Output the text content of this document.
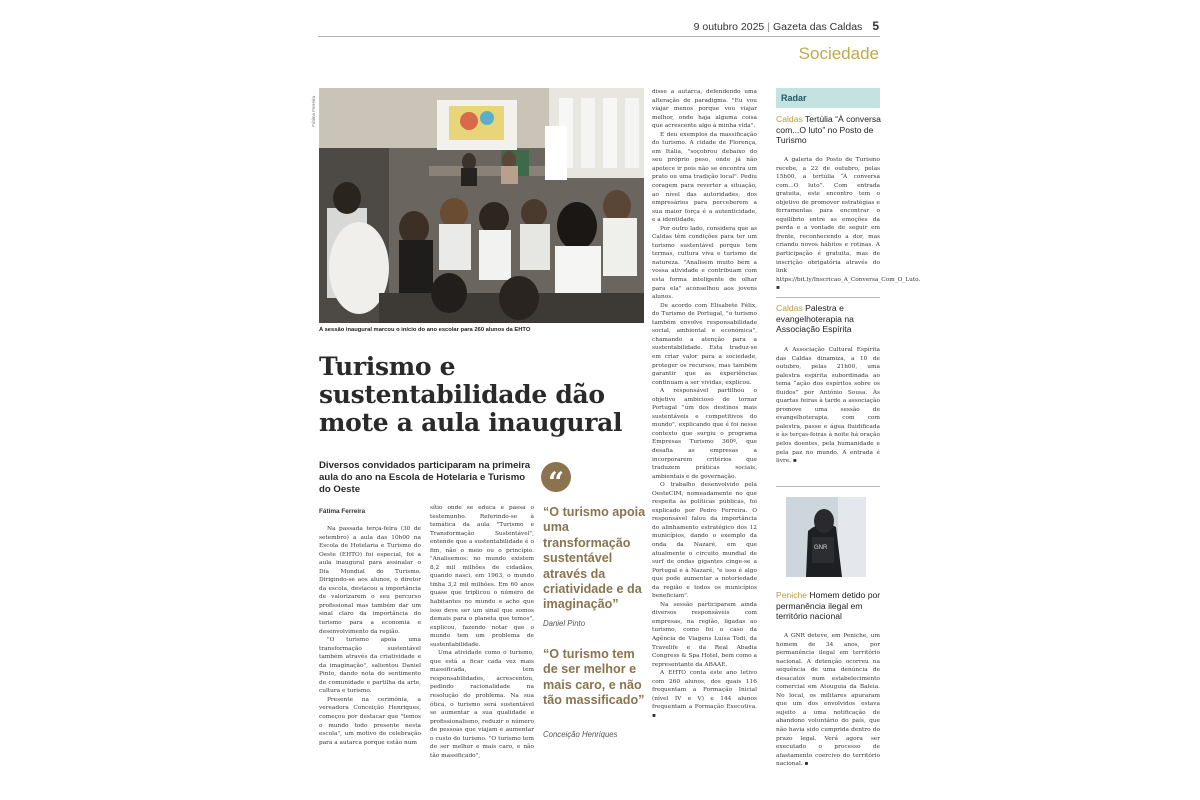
9 outubro 2025 | Gazeta das Caldas 5
Sociedade
Fátima Ferreira
A sessão inaugural marcou o início do ano escolar para 260 alunos da EHTO
Turismo e sustentabilidade dão mote a aula inaugural

Diversos convidados participaram na primeira aula do ano na Escola de Hotelaria e Turismo do Oeste

Fátima Ferreira

Na passada terça-feira (30 de setembro) a aula das 10h00 na Escola de Hotelaria e Turismo do Oeste (EHTO) foi especial, foi a aula inaugural para assinalar o Dia Mundial do Turismo. Dirigindo-se aos alunos, o diretor da escola, destacou a importância de valorizarem o seu percurso profissional mas também dar um sinal claro da importância do turismo para a economia e desenvolvimento da região.

"O turismo apoia uma transformação sustentável também através da criatividade e da imaginação", salientou Daniel Pinto, dando nota do sentimento de comunidade e partilha da arte, cultura e turismo.

Presente na cerimónia, a vereadora Conceição Henriques, começou por destacar que "temos o mundo todo presente nesta escola", um motivo de celebração para a autarca porque estão num

sítio onde se educa e passa o testemunho. Referindo-se à temática da aula "Turismo e Transformação Sustentável", entende que a sustentabilidade é o fim, não o meio ou o princípio. "Analisemos: no mundo existem 8,2 mil milhões de cidadãos, quando nasci, em 1963, o mundo tinha 3,2 mil milhões. Em 60 anos quase que triplicou o número de habitantes no mundo e acho que isso deve ser um sinal que somos demais para o planeta que temos", explicou, fazendo notar que o mundo tem um problema de sustentabilidade.

Uma atividade como o turismo, que está a ficar cada vez mais massificada, tem responsabilidades, acrescentou, pedindo racionalidade na resolução do problema. Na sua ótica, o turismo será sustentável se aumentar a sua qualidade e profissionalismo, reduzir o número de pessoas que viajam e aumentar o custo do turismo. "O turismo tem de ser melhor e mais caro, e não tão massificado",

“

“O turismo apoia uma transformação sustentável através da criatividade e da imaginação”

Daniel Pinto

“O turismo tem de ser melhor e mais caro, e não tão massificado”

Conceição Henriques

disse a autarca, defendendo uma alteração de paradigma. "Eu vou viajar menos porque vou viajar melhor, onde haja alguma coisa que acrescente algo à minha vida".

E deu exemplos da massificação do turismo. A cidade de Florença, em Itália, "soçobrou debaixo do seu próprio peso, onde já não apetece ir pois não se encontra um prato ou uma tradição local". Pediu coragem para reverter a situação, ao nível das autoridades, dos empresários para perceberem a sua maior força é a autenticidade, e a identidade.

Por outro lado, considera que as Caldas têm condições para ter um turismo sustentável porque tem termas, cultura viva e turismo de natureza. "Analisem muito bem a vossa atividade e contribuam com esta forma inteligente de olhar para ela" aconselhou aos jovens alunos.

De acordo com Elisabete Félix, do Turismo de Portugal, "o turismo também envolve responsabilidade social, ambiental e económica", chamando a atenção para a sustentabilidade. Esta traduz-se em criar valor para a sociedade, proteger os recursos, mas também garantir que as experiências continuam a ser vividas, explicou.

A responsável partilhou o objetivo ambicioso de tornar Portugal "um dos destinos mais sustentáveis e competitivos do mundo", explicando que é foi nesse contexto que surgiu o programa Empresas Turismo 360º, que desafia as empresas a incorporarem critérios que traduzem práticas sociais, ambientais e de governação.

O trabalho desenvolvido pela OesteCIM, nomeadamente no que respeita às políticas públicas, foi explicado por Pedro Ferreira. O responsável falou da importância do alinhamento estratégico dos 12 municípios, dando o exemplo da onda da Nazaré, em que atualmente o circuito mundial de surf de ondas gigantes cinge-se a Portugal e à Nazaré, "e isso é algo que pode aumentar a notoriedade da região e todos os municípios beneficiam".

Na sessão participaram ainda diversos responsáveis com empresas, na região, ligadas ao turismo, como foi o caso da Agência de Viagens Luísa Todi, da Travelife e da Real Abadia Congress & Spa Hotel, bem como a representante da ABAAE.

A EHTO conta este ano letivo com 260 alunos, dos quais 116 frequentam a Formação Inicial (nível IV e V) e 144 alunos frequentam a Formação Executiva. ▪

Radar

Caldas Tertúlia “À conversa com...O luto” no Posto de Turismo

A galeria do Posto de Turismo recebe, a 22 de outubro, pelas 15h00, a tertúlia “À conversa com...O luto”. Com entrada gratuita, este encontro tem o objetivo de promover estratégias e ferramentas para encontrar o equilíbrio entre as emoções da perda e a vontade de seguir em frente, reconhecendo a dor, mas criando novos hábitos e rotinas. A participação é gratuita, mas de inscrição obrigatória através do link https://bit.ly/Inscricao_A_Conversa_Com_O_Luto. ▪

Caldas Palestra e evangelhoterapia na Associação Espírita

A Associação Cultural Espírita das Caldas dinamiza, a 10 de outubro, pelas 21h00, uma palestra espírita subordinada ao tema “ação dos espíritos sobre os fluidos” por António Sousa. Às quartas feiras à tarde a associação promove uma sessão de evangelhoterapia, com com palestra, passe e água fluidificada e às terças-feiras à noite há oração pelos doentes, pela humanidade e pela paz no mundo. A entrada é livre. ▪

GNR

Peniche Homem detido por permanência ilegal em território nacional

A GNR deteve, em Peniche, um homem de 34 anos, por permanência ilegal em território nacional. A detenção ocorreu na sequência de uma denúncia de desacatos num estabelecimento comercial em Atouguia da Baleia. No local, os militares apuraram que um dos envolvidos estava sujeito a uma notificação de abandono voluntário do país, que não havia sido cumprida dentro do prazo legal. Verá agora ser executado o processo de afastamento coercivo do território nacional. ▪
